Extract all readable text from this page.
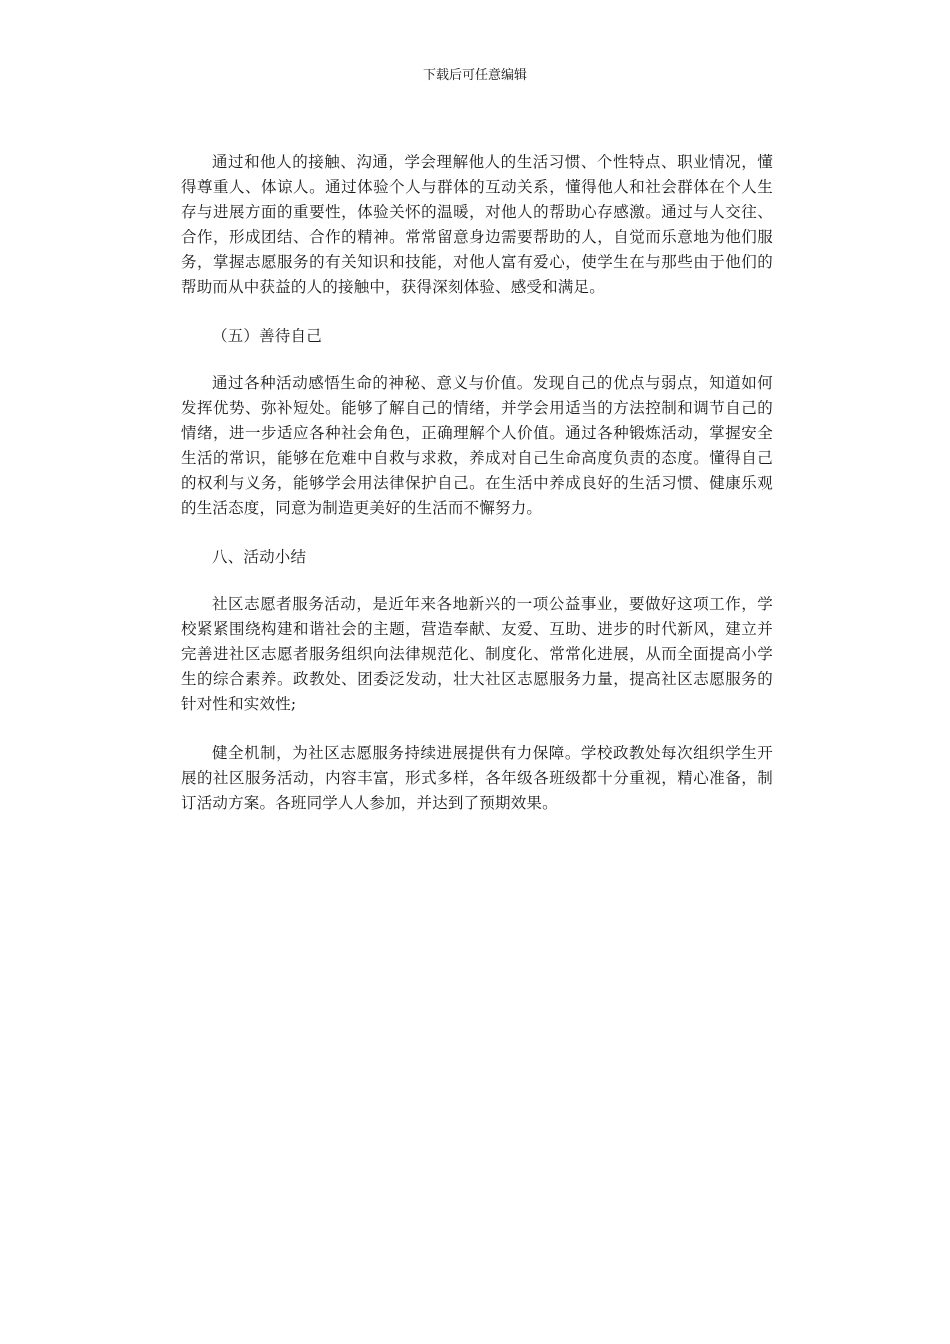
下载后可任意编辑

通过和他人的接触、沟通，学会理解他人的生活习惯、个性特点、职业情况，懂得尊重人、体谅人。通过体验个人与群体的互动关系，懂得他人和社会群体在个人生存与进展方面的重要性，体验关怀的温暖，对他人的帮助心存感激。通过与人交往、合作，形成团结、合作的精神。常常留意身边需要帮助的人，自觉而乐意地为他们服务，掌握志愿服务的有关知识和技能，对他人富有爱心，使学生在与那些由于他们的帮助而从中获益的人的接触中，获得深刻体验、感受和满足。

（五）善待自己

通过各种活动感悟生命的神秘、意义与价值。发现自己的优点与弱点，知道如何发挥优势、弥补短处。能够了解自己的情绪，并学会用适当的方法控制和调节自己的情绪，进一步适应各种社会角色，正确理解个人价值。通过各种锻炼活动，掌握安全生活的常识，能够在危难中自救与求救，养成对自己生命高度负责的态度。懂得自己的权利与义务，能够学会用法律保护自己。在生活中养成良好的生活习惯、健康乐观的生活态度，同意为制造更美好的生活而不懈努力。

八、活动小结

社区志愿者服务活动，是近年来各地新兴的一项公益事业，要做好这项工作，学校紧紧围绕构建和谐社会的主题，营造奉献、友爱、互助、进步的时代新风，建立并完善进社区志愿者服务组织向法律规范化、制度化、常常化进展，从而全面提高小学生的综合素养。政教处、团委泛发动，壮大社区志愿服务力量，提高社区志愿服务的针对性和实效性;

健全机制，为社区志愿服务持续进展提供有力保障。学校政教处每次组织学生开展的社区服务活动，内容丰富，形式多样，各年级各班级都十分重视，精心准备，制订活动方案。各班同学人人参加，并达到了预期效果。
